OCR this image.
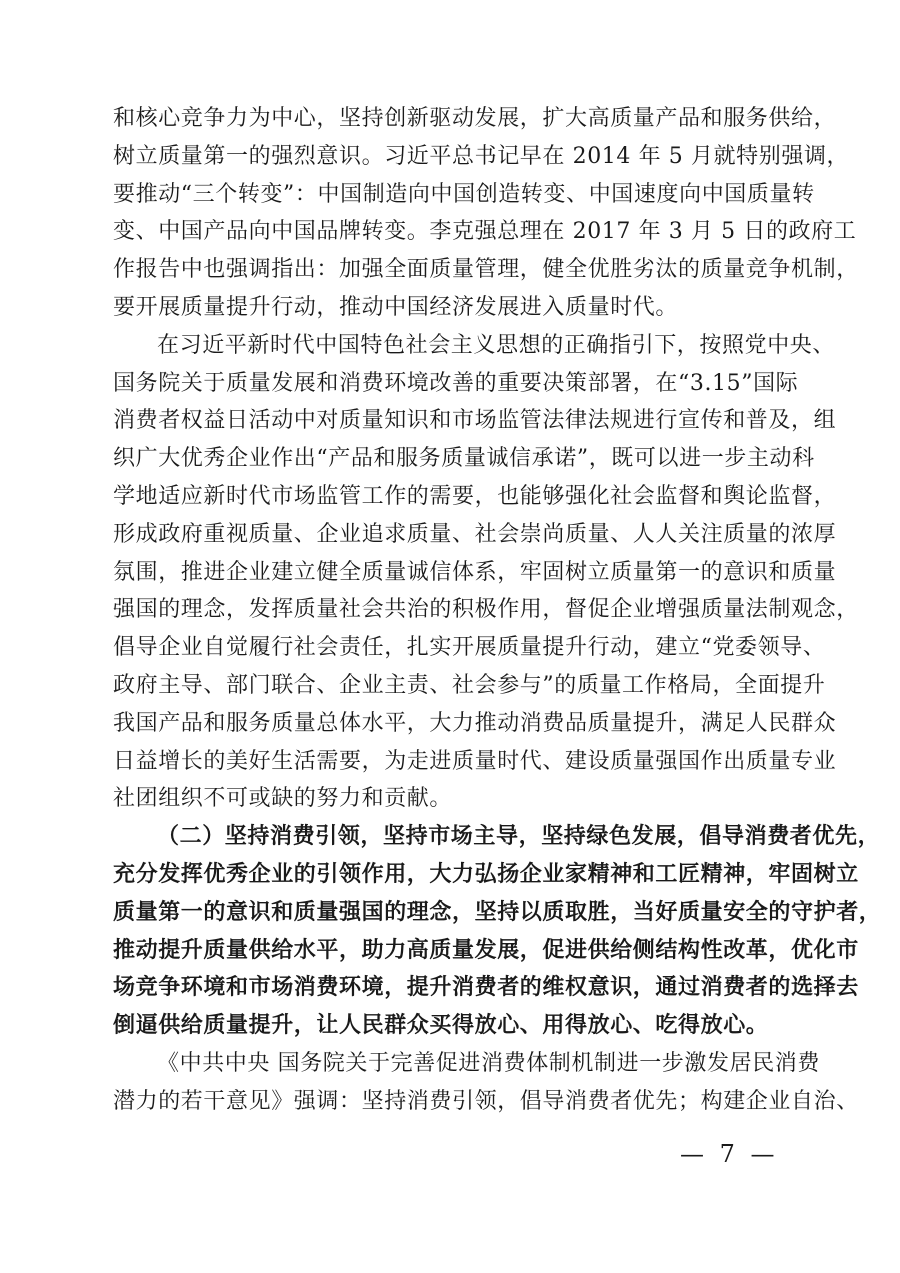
和核心竞争力为中心，坚持创新驱动发展，扩大高质量产品和服务供给，
树立质量第一的强烈意识。习近平总书记早在 2014 年 5 月就特别强调，
要推动“三个转变”：中国制造向中国创造转变、中国速度向中国质量转
变、中国产品向中国品牌转变。李克强总理在 2017 年 3 月 5 日的政府工
作报告中也强调指出：加强全面质量管理，健全优胜劣汰的质量竞争机制，
要开展质量提升行动，推动中国经济发展进入质量时代。
在习近平新时代中国特色社会主义思想的正确指引下，按照党中央、
国务院关于质量发展和消费环境改善的重要决策部署，在“3.15”国际
消费者权益日活动中对质量知识和市场监管法律法规进行宣传和普及，组
织广大优秀企业作出“产品和服务质量诚信承诺”，既可以进一步主动科
学地适应新时代市场监管工作的需要，也能够强化社会监督和舆论监督，
形成政府重视质量、企业追求质量、社会崇尚质量、人人关注质量的浓厚
氛围，推进企业建立健全质量诚信体系，牢固树立质量第一的意识和质量
强国的理念，发挥质量社会共治的积极作用，督促企业增强质量法制观念，
倡导企业自觉履行社会责任，扎实开展质量提升行动，建立“党委领导、
政府主导、部门联合、企业主责、社会参与”的质量工作格局，全面提升
我国产品和服务质量总体水平，大力推动消费品质量提升，满足人民群众
日益增长的美好生活需要，为走进质量时代、建设质量强国作出质量专业
社团组织不可或缺的努力和贡献。
（二）坚持消费引领，坚持市场主导，坚持绿色发展，倡导消费者优先，
充分发挥优秀企业的引领作用，大力弘扬企业家精神和工匠精神，牢固树立
质量第一的意识和质量强国的理念，坚持以质取胜，当好质量安全的守护者，
推动提升质量供给水平，助力高质量发展，促进供给侧结构性改革，优化市
场竞争环境和市场消费环境，提升消费者的维权意识，通过消费者的选择去
倒逼供给质量提升，让人民群众买得放心、用得放心、吃得放心。
《中共中央 国务院关于完善促进消费体制机制进一步激发居民消费
潜力的若干意见》强调：坚持消费引领，倡导消费者优先；构建企业自治、
— 7 —
